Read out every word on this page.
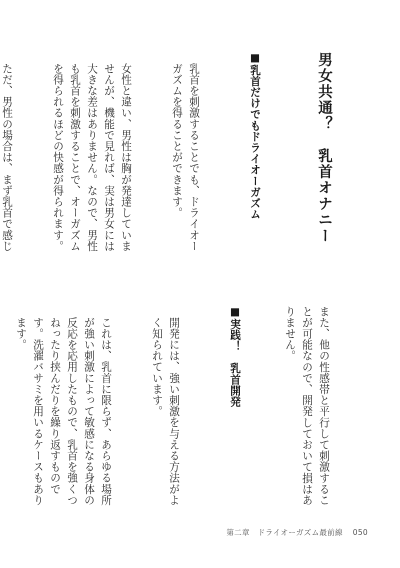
男女共通？　乳首オナニー

■乳首だけでもドライオーガズム

乳首を刺激することでも、ドライオーガズムを得ることができます。

女性と違い、男性は胸が発達していませんが、機能で見れば、実は男女には大きな差はありません。なので、男性も乳首を刺激することで、オーガズムを得られるほどの快感が得られます。

ただ、男性の場合は、まず乳首で感じ

また、他の性感帯と平行して刺激することが可能なので、開発しておいて損はありません。

■実践！　乳首開発

開発には、強い刺激を与える方法がよく知られています。

これは、乳首に限らず、あらゆる場所が強い刺激によって敏感になる身体の反応を応用したもので、乳首を強くつねったり挟んだりを繰り返すものです。洗濯バサミを用いるケースもあります。

第二章　ドライオーガズム最前線 050
